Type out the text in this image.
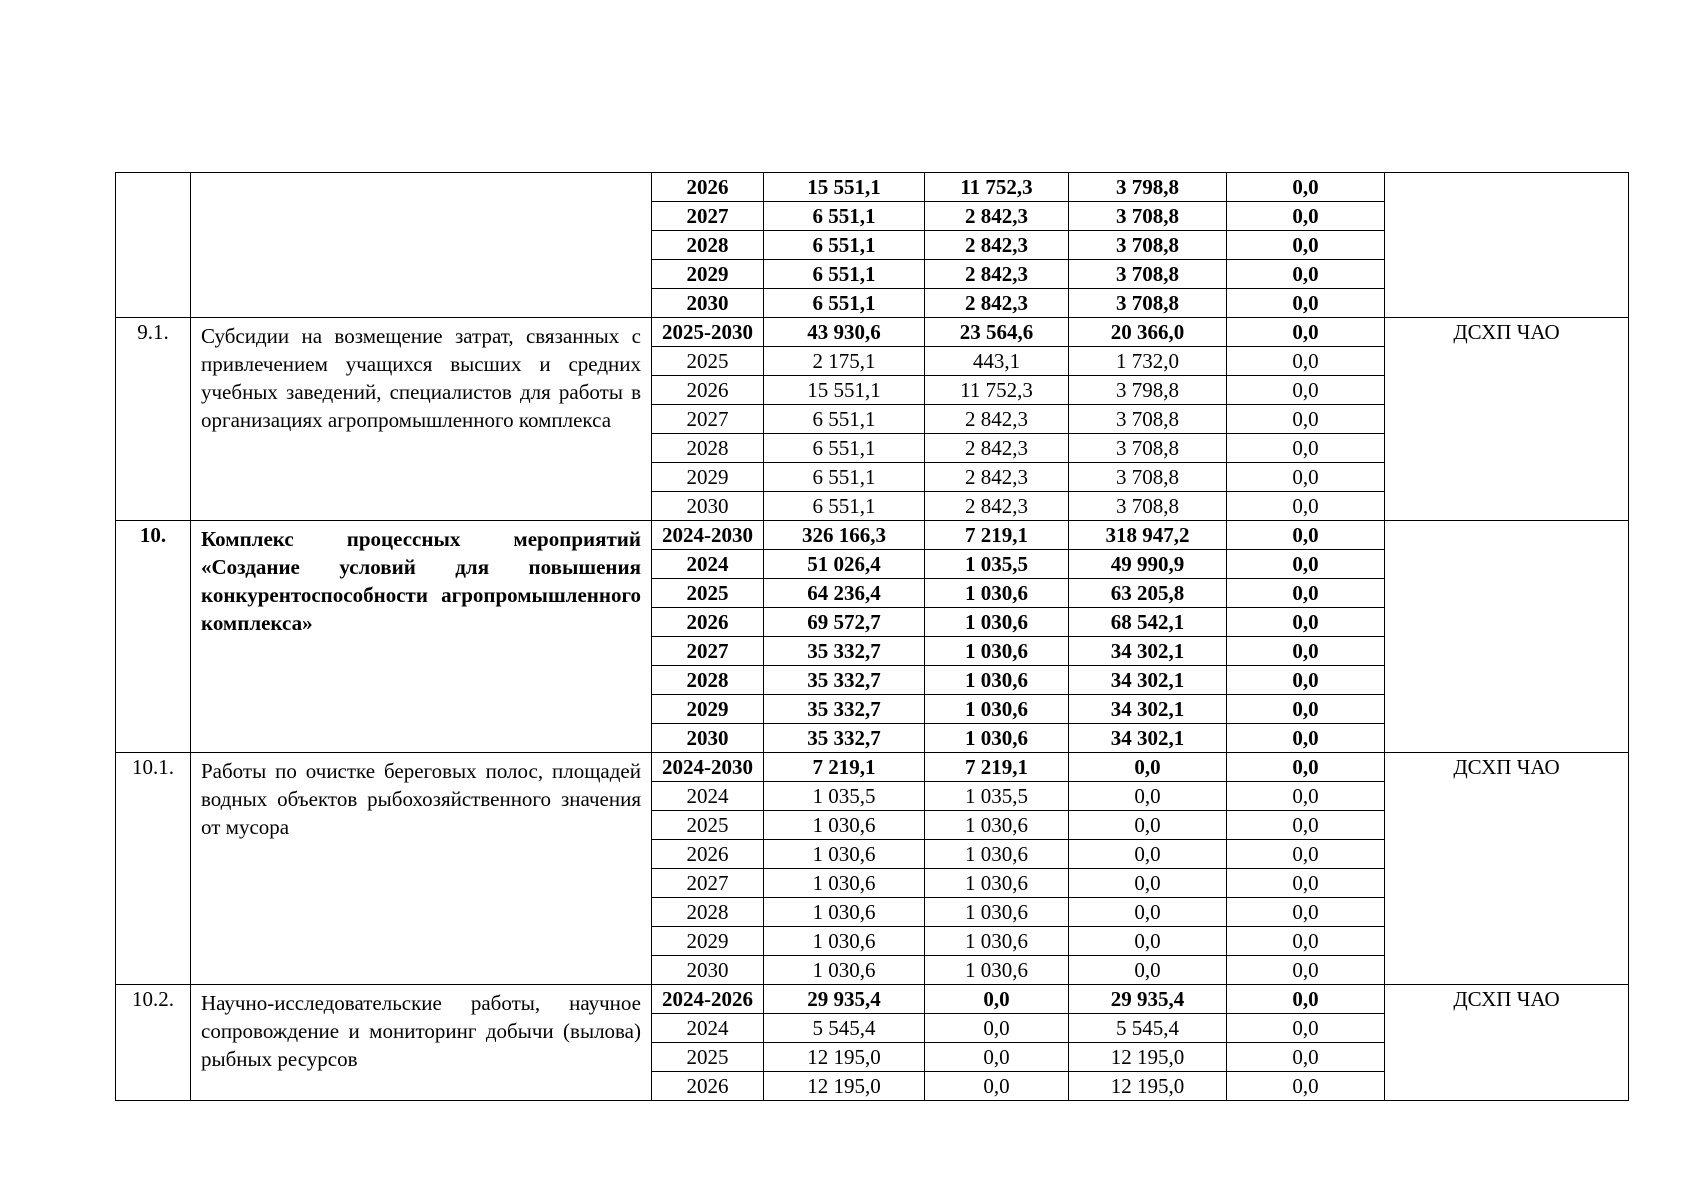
		2026	15 551,1	11 752,3	3 798,8	0,0	
		2027	6 551,1	2 842,3	3 708,8	0,0	
		2028	6 551,1	2 842,3	3 708,8	0,0	
		2029	6 551,1	2 842,3	3 708,8	0,0	
		2030	6 551,1	2 842,3	3 708,8	0,0	
9.1.	Субсидии на возмещение затрат, связанных с привлечением учащихся высших и средних учебных заведений, специалистов для работы в организациях агропромышленного комплекса	2025-2030	43 930,6	23 564,6	20 366,0	0,0	ДСХП ЧАО
		2025	2 175,1	443,1	1 732,0	0,0	
		2026	15 551,1	11 752,3	3 798,8	0,0	
		2027	6 551,1	2 842,3	3 708,8	0,0	
		2028	6 551,1	2 842,3	3 708,8	0,0	
		2029	6 551,1	2 842,3	3 708,8	0,0	
		2030	6 551,1	2 842,3	3 708,8	0,0	
10.	Комплекс процессных мероприятий «Создание условий для повышения конкурентоспособности агропромышленного комплекса»	2024-2030	326 166,3	7 219,1	318 947,2	0,0	
		2024	51 026,4	1 035,5	49 990,9	0,0	
		2025	64 236,4	1 030,6	63 205,8	0,0	
		2026	69 572,7	1 030,6	68 542,1	0,0	
		2027	35 332,7	1 030,6	34 302,1	0,0	
		2028	35 332,7	1 030,6	34 302,1	0,0	
		2029	35 332,7	1 030,6	34 302,1	0,0	
		2030	35 332,7	1 030,6	34 302,1	0,0	
10.1.	Работы по очистке береговых полос, площадей водных объектов рыбохозяйственного значения от мусора	2024-2030	7 219,1	7 219,1	0,0	0,0	ДСХП ЧАО
		2024	1 035,5	1 035,5	0,0	0,0	
		2025	1 030,6	1 030,6	0,0	0,0	
		2026	1 030,6	1 030,6	0,0	0,0	
		2027	1 030,6	1 030,6	0,0	0,0	
		2028	1 030,6	1 030,6	0,0	0,0	
		2029	1 030,6	1 030,6	0,0	0,0	
		2030	1 030,6	1 030,6	0,0	0,0	
10.2.	Научно-исследовательские работы, научное сопровождение и мониторинг добычи (вылова) рыбных ресурсов	2024-2026	29 935,4	0,0	29 935,4	0,0	ДСХП ЧАО
		2024	5 545,4	0,0	5 545,4	0,0	
		2025	12 195,0	0,0	12 195,0	0,0	
		2026	12 195,0	0,0	12 195,0	0,0	
